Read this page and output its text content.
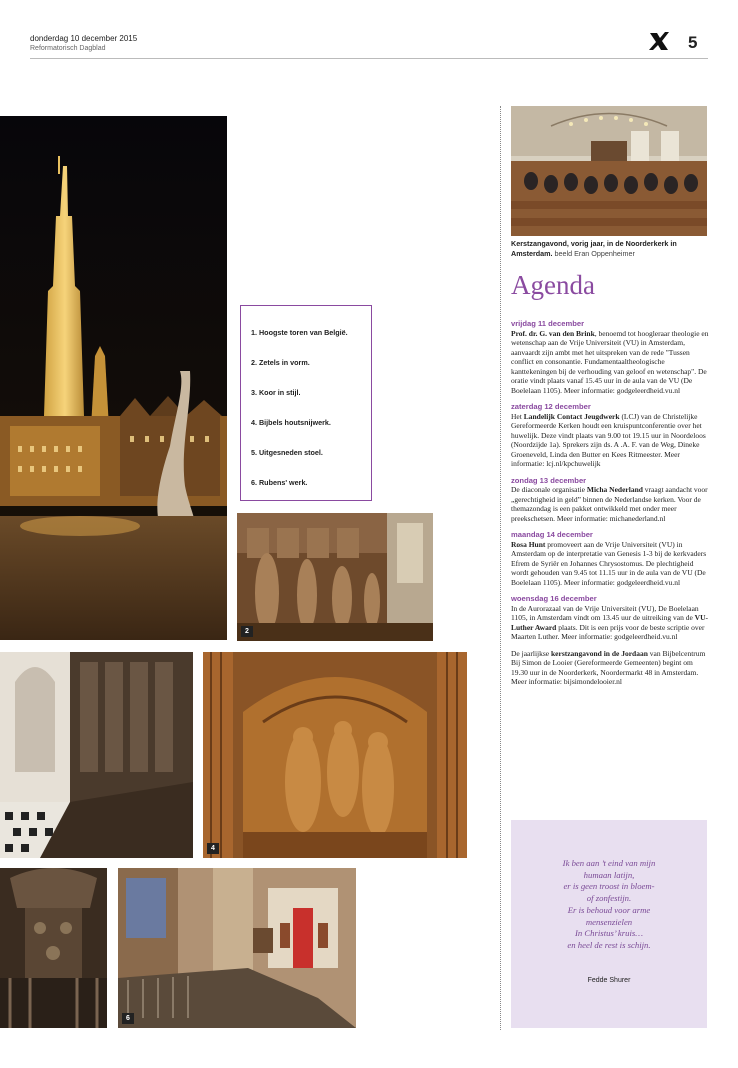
donderdag 10 december 2015
Reformatorisch Dagblad	5
1. Hoogste toren van België.
2. Zetels in vorm.
3. Koor in stijl.
4. Bijbels houtsnijwerk.
5. Uitgesneden stoel.
6. Rubens' werk.
2
4
6
Kerstzangavond, vorig jaar, in de Noorderkerk in Amsterdam. beeld Eran Oppenheimer
Agenda
vrijdag 11 december
Prof. dr. G. van den Brink, benoemd tot hoogleraar theologie en wetenschap aan de Vrije Universiteit (VU) in Amsterdam, aanvaardt zijn ambt met het uitspreken van de rede "Tussen conflict en consonantie. Fundamentaaltheologische kanttekeningen bij de verhouding van geloof en wetenschap". De oratie vindt plaats vanaf 15.45 uur in de aula van de VU (De Boelelaan 1105). Meer informatie: godgeleerdheid.vu.nl
zaterdag 12 december
Het Landelijk Contact Jeugdwerk (LCJ) van de Christelijke Gereformeerde Kerken houdt een kruispuntconferentie over het huwelijk. Deze vindt plaats van 9.00 tot 19.15 uur in Noordeloos (Noordzijde 1a). Sprekers zijn ds. A .A. F. van de Weg, Dineke Groeneveld, Linda den Butter en Kees Ritmeester. Meer informatie: lcj.nl/kpchuwelijk
zondag 13 december
De diaconale organisatie Micha Nederland vraagt aandacht voor „gerechtigheid in geld” binnen de Nederlandse kerken. Voor de themazondag is een pakket ontwikkeld met onder meer preekschetsen. Meer informatie: michanederland.nl
maandag 14 december
Rosa Hunt promoveert aan de Vrije Universiteit (VU) in Amsterdam op de interpretatie van Genesis 1-3 bij de kerkvaders Efrem de Syriër en Johannes Chrysostomus. De plechtigheid wordt gehouden van 9.45 tot 11.15 uur in de aula van de VU (De Boelelaan 1105). Meer informatie: godgeleerdheid.vu.nl
woensdag 16 december
In de Aurorazaal van de Vrije Universiteit (VU), De Boelelaan 1105, in Amsterdam vindt om 13.45 uur de uitreiking van de VU-Luther Award plaats. Dit is een prijs voor de beste scriptie over Maarten Luther. Meer informatie: godgeleerdheid.vu.nl
De jaarlijkse kerstzangavond in de Jordaan van Bijbelcentrum Bij Simon de Looier (Gereformeerde Gemeenten) begint om 19.30 uur in de Noorderkerk, Noordermarkt 48 in Amsterdam. Meer informatie: bijsimondelooier.nl
Ik ben aan ’t eind van mijn
humaan latijn,
er is geen troost in bloem-
of zonfestijn.
Er is behoud voor arme
mensenzielen
In Christus’ kruis…
en heel de rest is schijn.
Fedde Shurer
